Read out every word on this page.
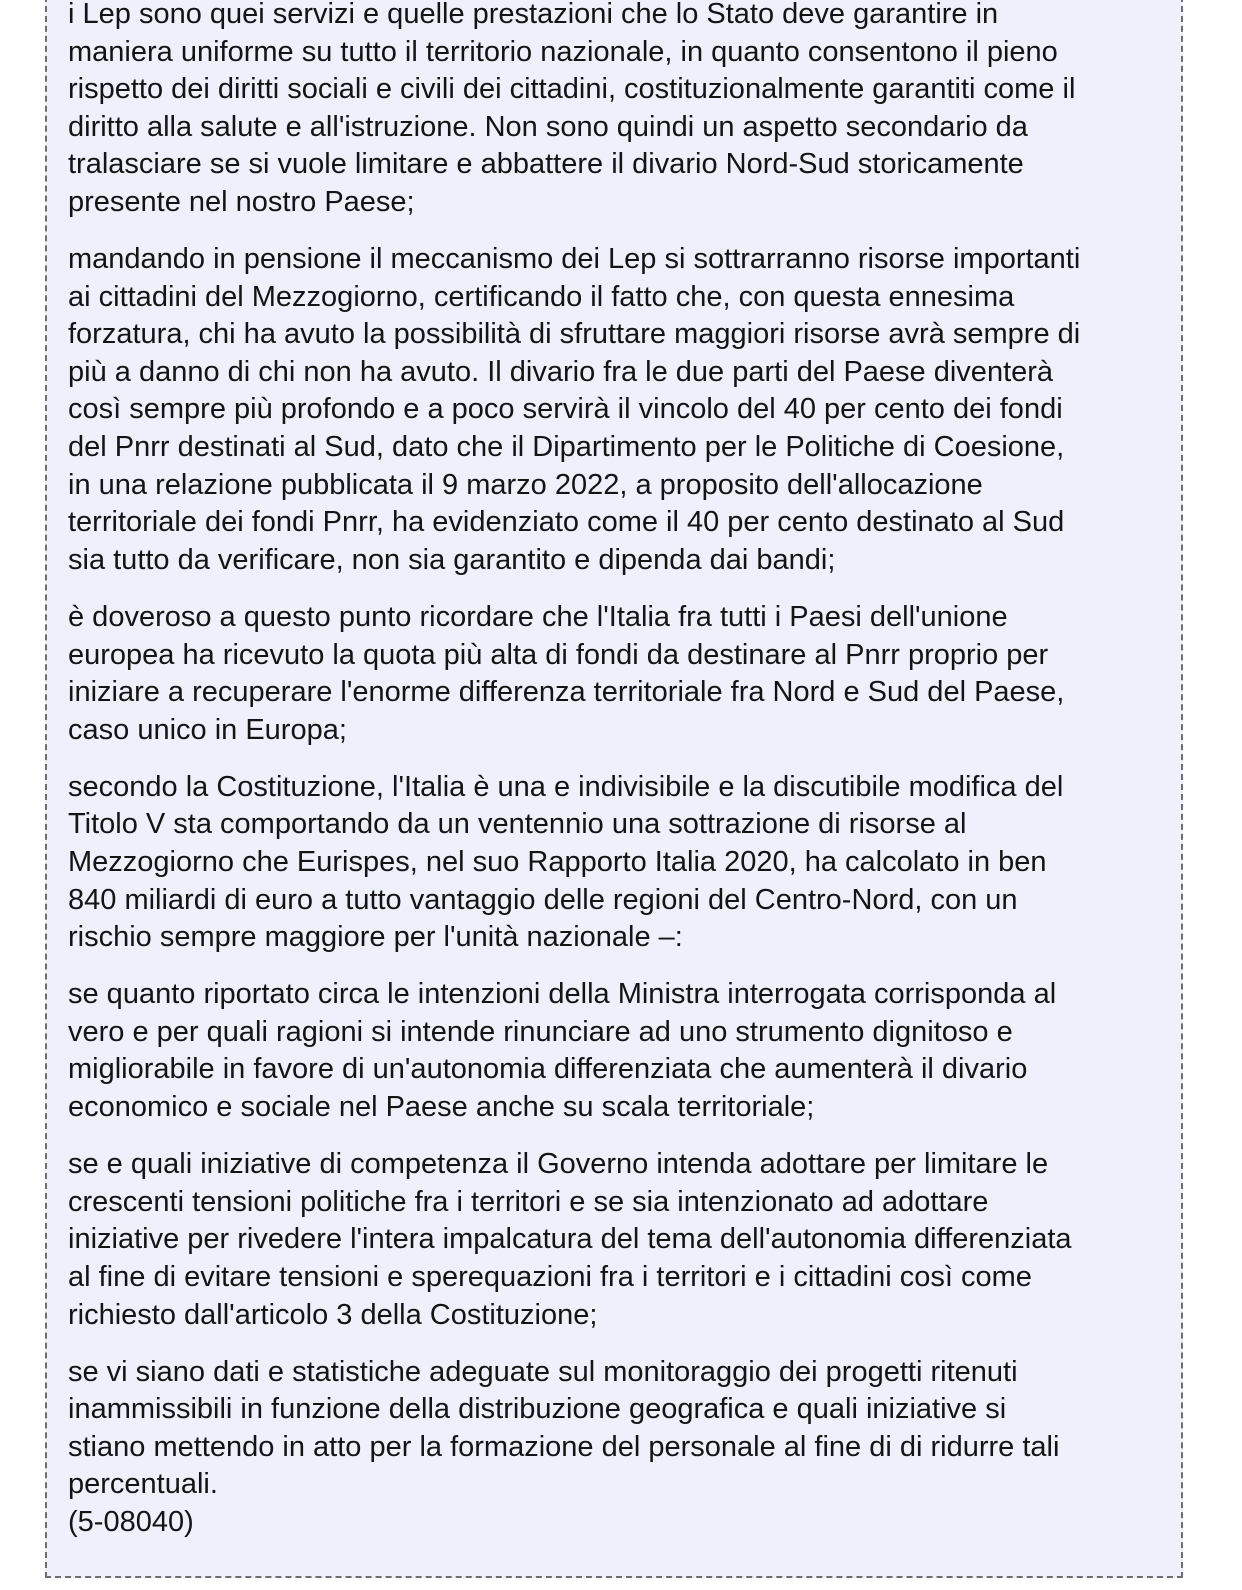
i Lep sono quei servizi e quelle prestazioni che lo Stato deve garantire in
maniera uniforme su tutto il territorio nazionale, in quanto consentono il pieno
rispetto dei diritti sociali e civili dei cittadini, costituzionalmente garantiti come il
diritto alla salute e all'istruzione. Non sono quindi un aspetto secondario da
tralasciare se si vuole limitare e abbattere il divario Nord-Sud storicamente
presente nel nostro Paese;

mandando in pensione il meccanismo dei Lep si sottrarranno risorse importanti
ai cittadini del Mezzogiorno, certificando il fatto che, con questa ennesima
forzatura, chi ha avuto la possibilità di sfruttare maggiori risorse avrà sempre di
più a danno di chi non ha avuto. Il divario fra le due parti del Paese diventerà
così sempre più profondo e a poco servirà il vincolo del 40 per cento dei fondi
del Pnrr destinati al Sud, dato che il Dipartimento per le Politiche di Coesione,
in una relazione pubblicata il 9 marzo 2022, a proposito dell'allocazione
territoriale dei fondi Pnrr, ha evidenziato come il 40 per cento destinato al Sud
sia tutto da verificare, non sia garantito e dipenda dai bandi;

è doveroso a questo punto ricordare che l'Italia fra tutti i Paesi dell'unione
europea ha ricevuto la quota più alta di fondi da destinare al Pnrr proprio per
iniziare a recuperare l'enorme differenza territoriale fra Nord e Sud del Paese,
caso unico in Europa;

secondo la Costituzione, l'Italia è una e indivisibile e la discutibile modifica del
Titolo V sta comportando da un ventennio una sottrazione di risorse al
Mezzogiorno che Eurispes, nel suo Rapporto Italia 2020, ha calcolato in ben
840 miliardi di euro a tutto vantaggio delle regioni del Centro-Nord, con un
rischio sempre maggiore per l'unità nazionale –:

se quanto riportato circa le intenzioni della Ministra interrogata corrisponda al
vero e per quali ragioni si intende rinunciare ad uno strumento dignitoso e
migliorabile in favore di un'autonomia differenziata che aumenterà il divario
economico e sociale nel Paese anche su scala territoriale;

se e quali iniziative di competenza il Governo intenda adottare per limitare le
crescenti tensioni politiche fra i territori e se sia intenzionato ad adottare
iniziative per rivedere l'intera impalcatura del tema dell'autonomia differenziata
al fine di evitare tensioni e sperequazioni fra i territori e i cittadini così come
richiesto dall'articolo 3 della Costituzione;

se vi siano dati e statistiche adeguate sul monitoraggio dei progetti ritenuti
inammissibili in funzione della distribuzione geografica e quali iniziative si
stiano mettendo in atto per la formazione del personale al fine di di ridurre tali
percentuali.
(5-08040)
